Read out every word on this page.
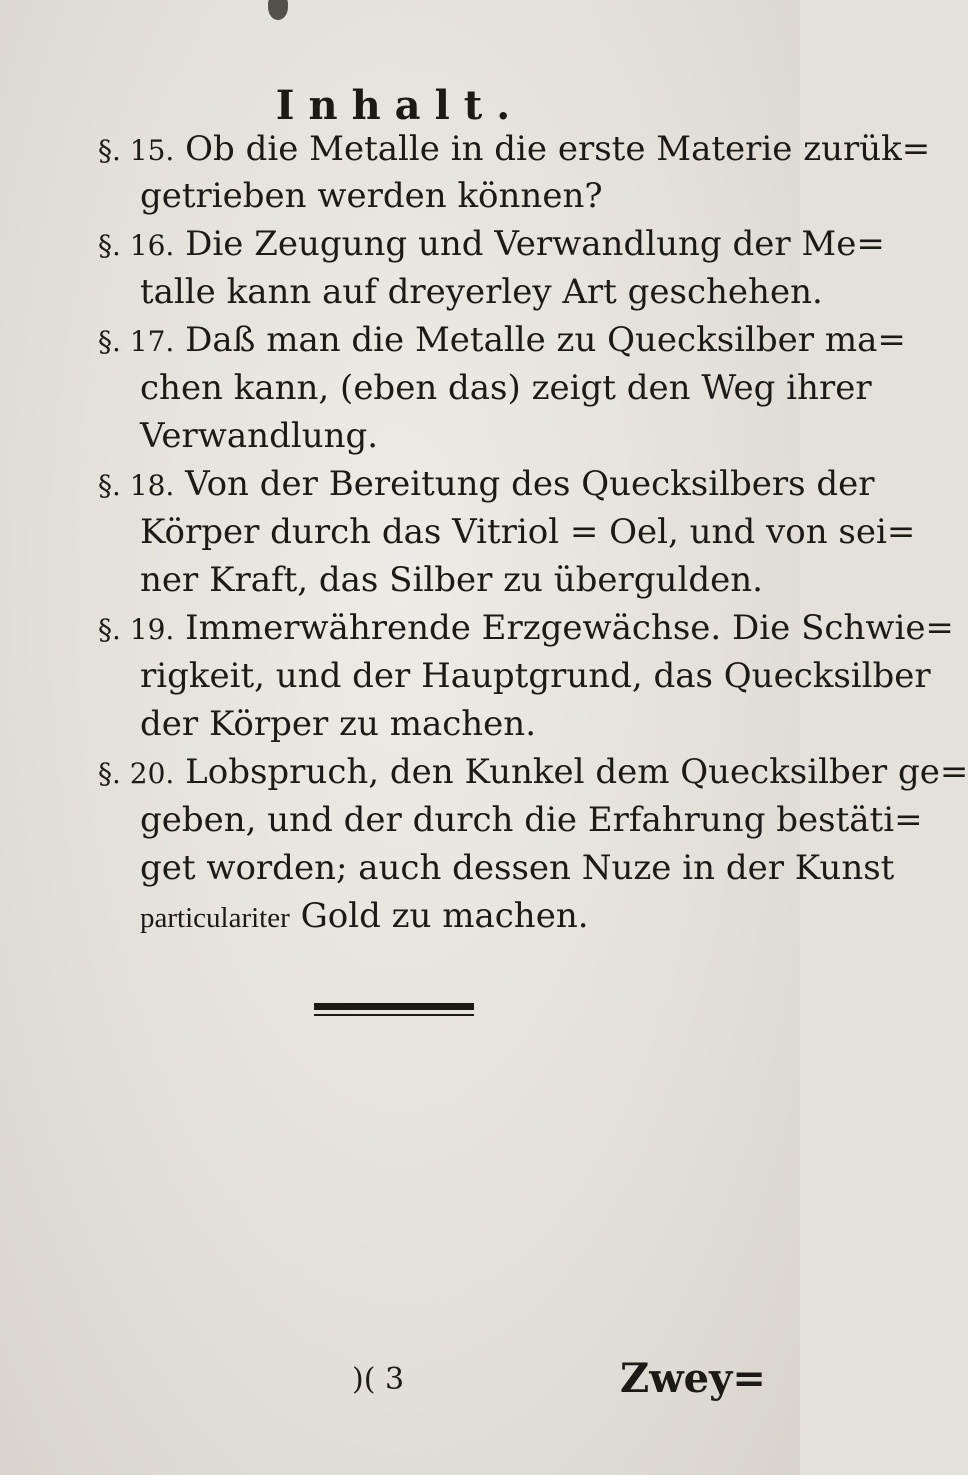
Inhalt.
§. 15. Ob die Metalle in die erste Materie zurük=
getrieben werden können?
§. 16. Die Zeugung und Verwandlung der Me=
talle kann auf dreyerley Art geschehen.
§. 17. Daß man die Metalle zu Quecksilber ma=
chen kann, (eben das) zeigt den Weg ihrer
Verwandlung.
§. 18. Von der Bereitung des Quecksilbers der
Körper durch das Vitriol = Oel, und von sei=
ner Kraft, das Silber zu übergulden.
§. 19. Immerwährende Erzgewächse. Die Schwie=
rigkeit, und der Hauptgrund, das Quecksilber
der Körper zu machen.
§. 20. Lobspruch, den Kunkel dem Quecksilber ge=
geben, und der durch die Erfahrung bestäti=
get worden; auch dessen Nuze in der Kunst
particulariter Gold zu machen.
)( 3	Zwey=
